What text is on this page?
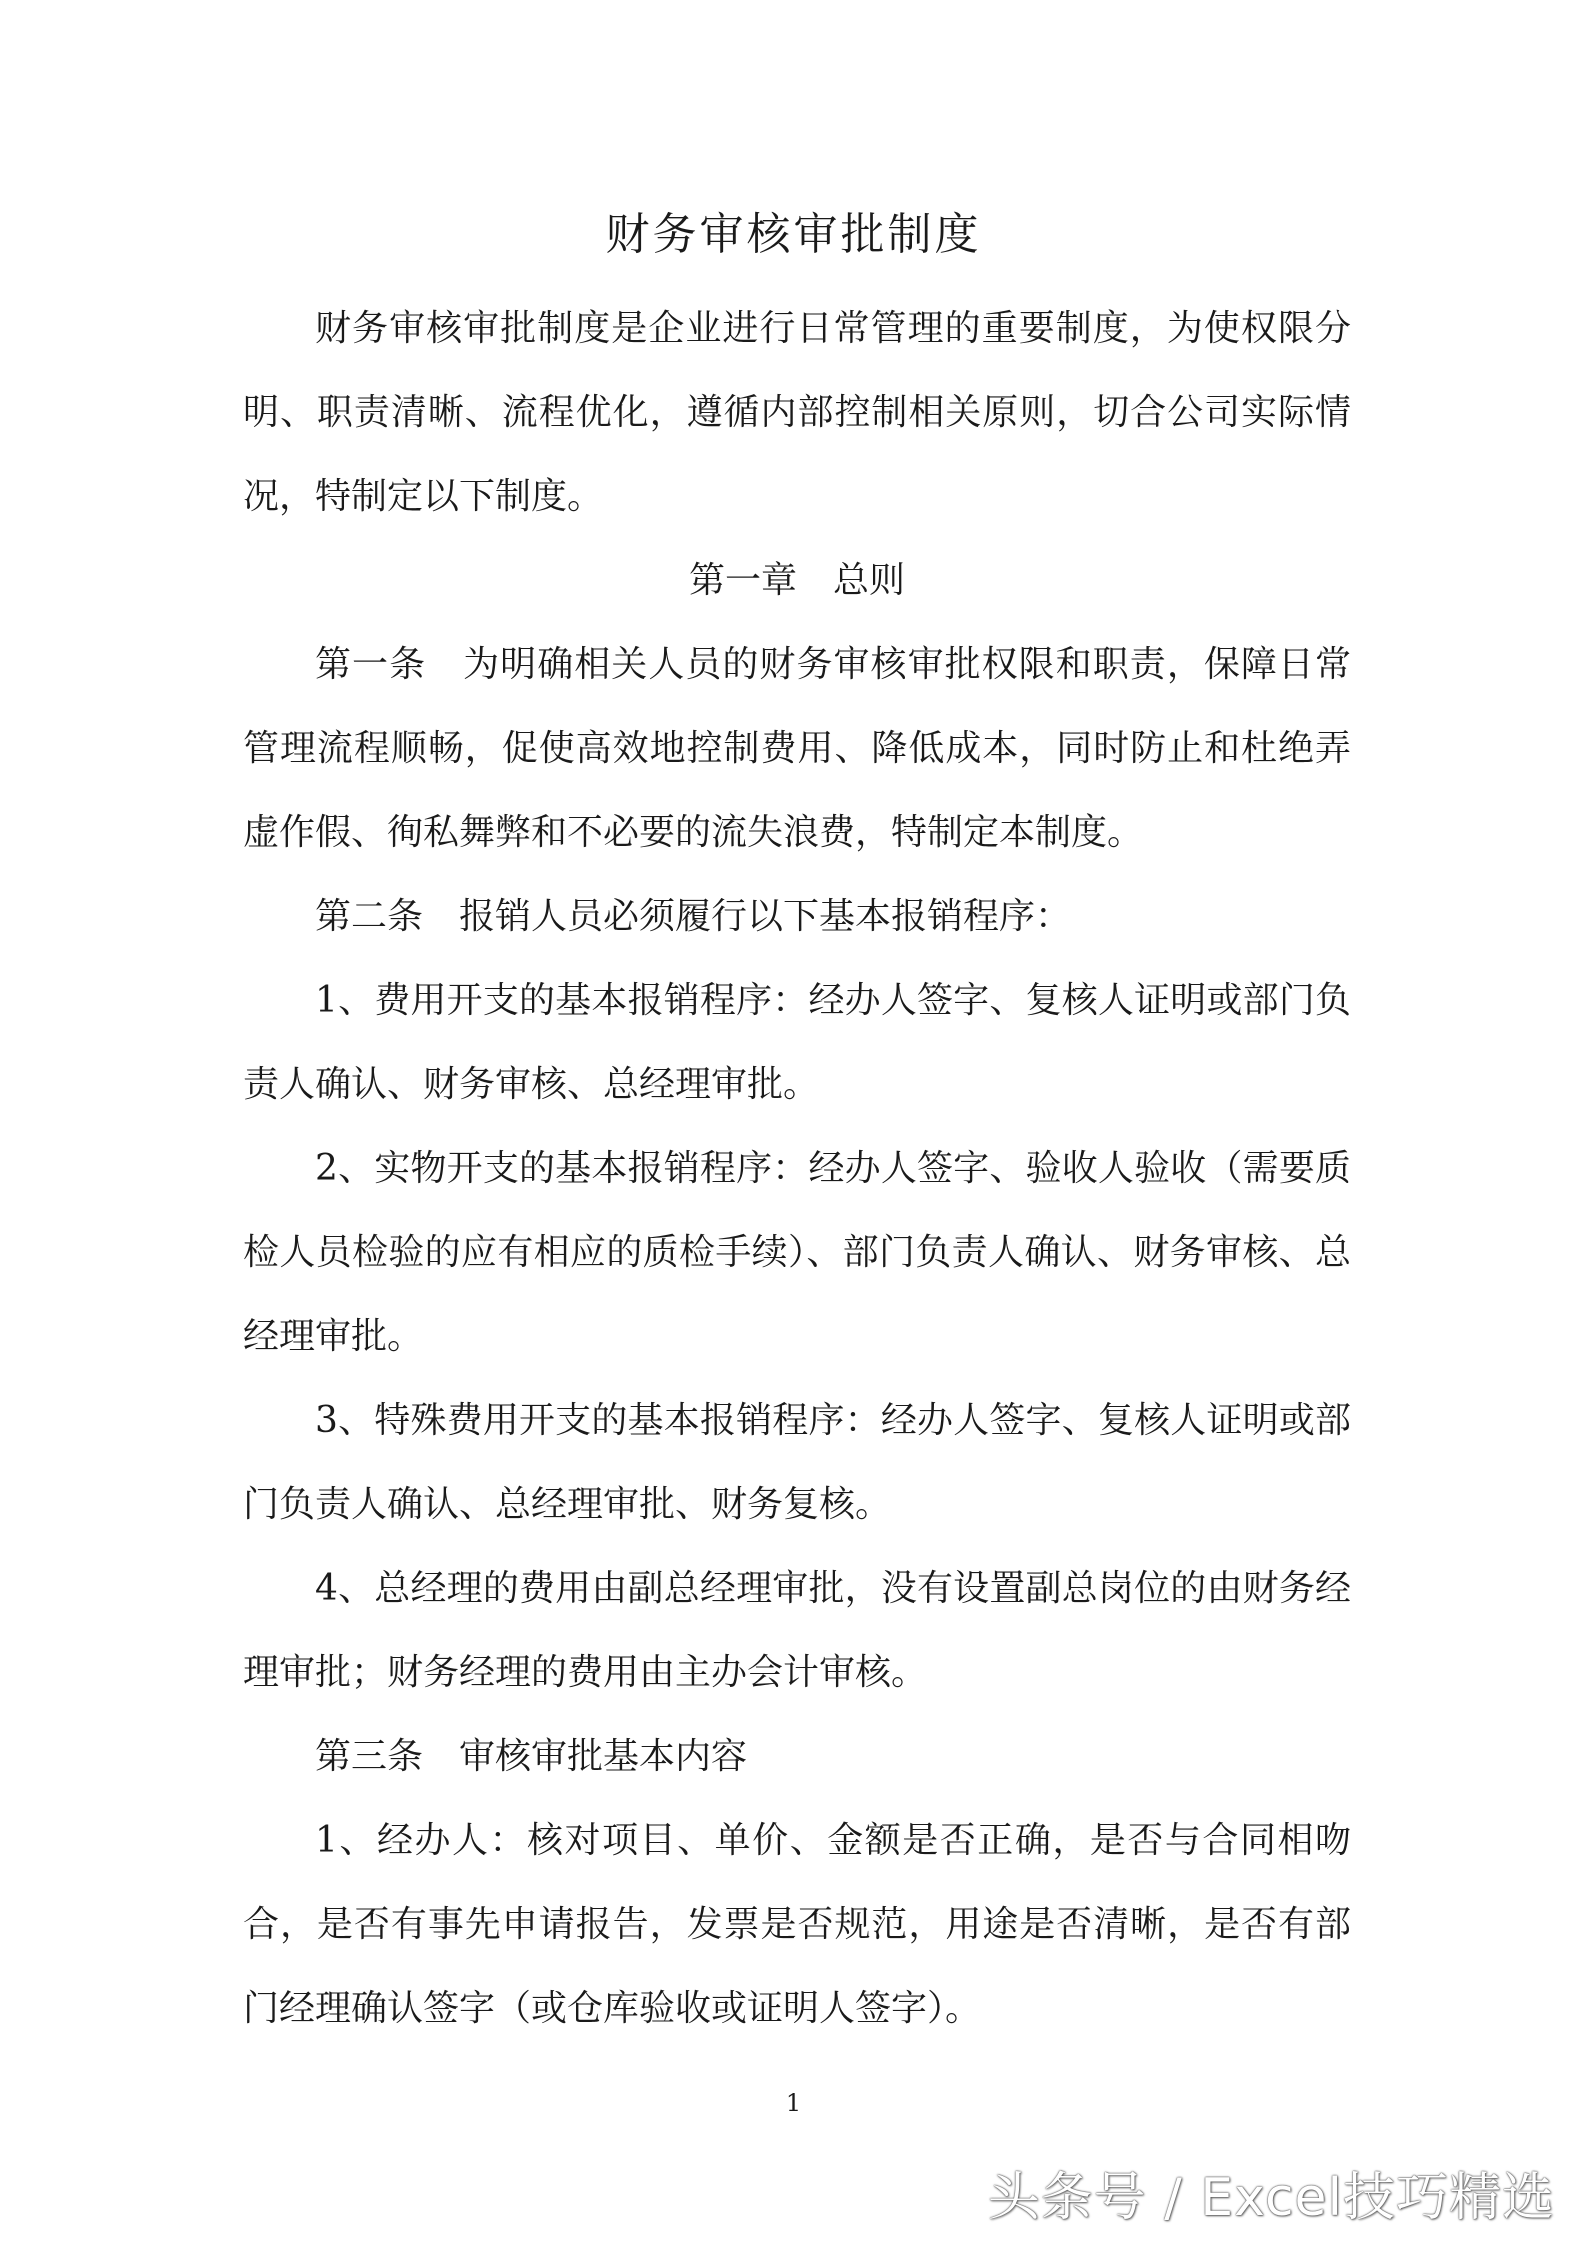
财务审核审批制度

财务审核审批制度是企业进行日常管理的重要制度，为使权限分明、职责清晰、流程优化，遵循内部控制相关原则，切合公司实际情况，特制定以下制度。

第一章 总则

第一条 为明确相关人员的财务审核审批权限和职责，保障日常管理流程顺畅，促使高效地控制费用、降低成本，同时防止和杜绝弄虚作假、徇私舞弊和不必要的流失浪费，特制定本制度。

第二条 报销人员必须履行以下基本报销程序：

1、费用开支的基本报销程序：经办人签字、复核人证明或部门负责人确认、财务审核、总经理审批。

2、实物开支的基本报销程序：经办人签字、验收人验收（需要质检人员检验的应有相应的质检手续）、部门负责人确认、财务审核、总经理审批。

3、特殊费用开支的基本报销程序：经办人签字、复核人证明或部门负责人确认、总经理审批、财务复核。

4、总经理的费用由副总经理审批，没有设置副总岗位的由财务经理审批；财务经理的费用由主办会计审核。

第三条 审核审批基本内容

1、经办人：核对项目、单价、金额是否正确，是否与合同相吻合，是否有事先申请报告，发票是否规范，用途是否清晰，是否有部门经理确认签字（或仓库验收或证明人签字）。

1
头条号 / Excel技巧精选
